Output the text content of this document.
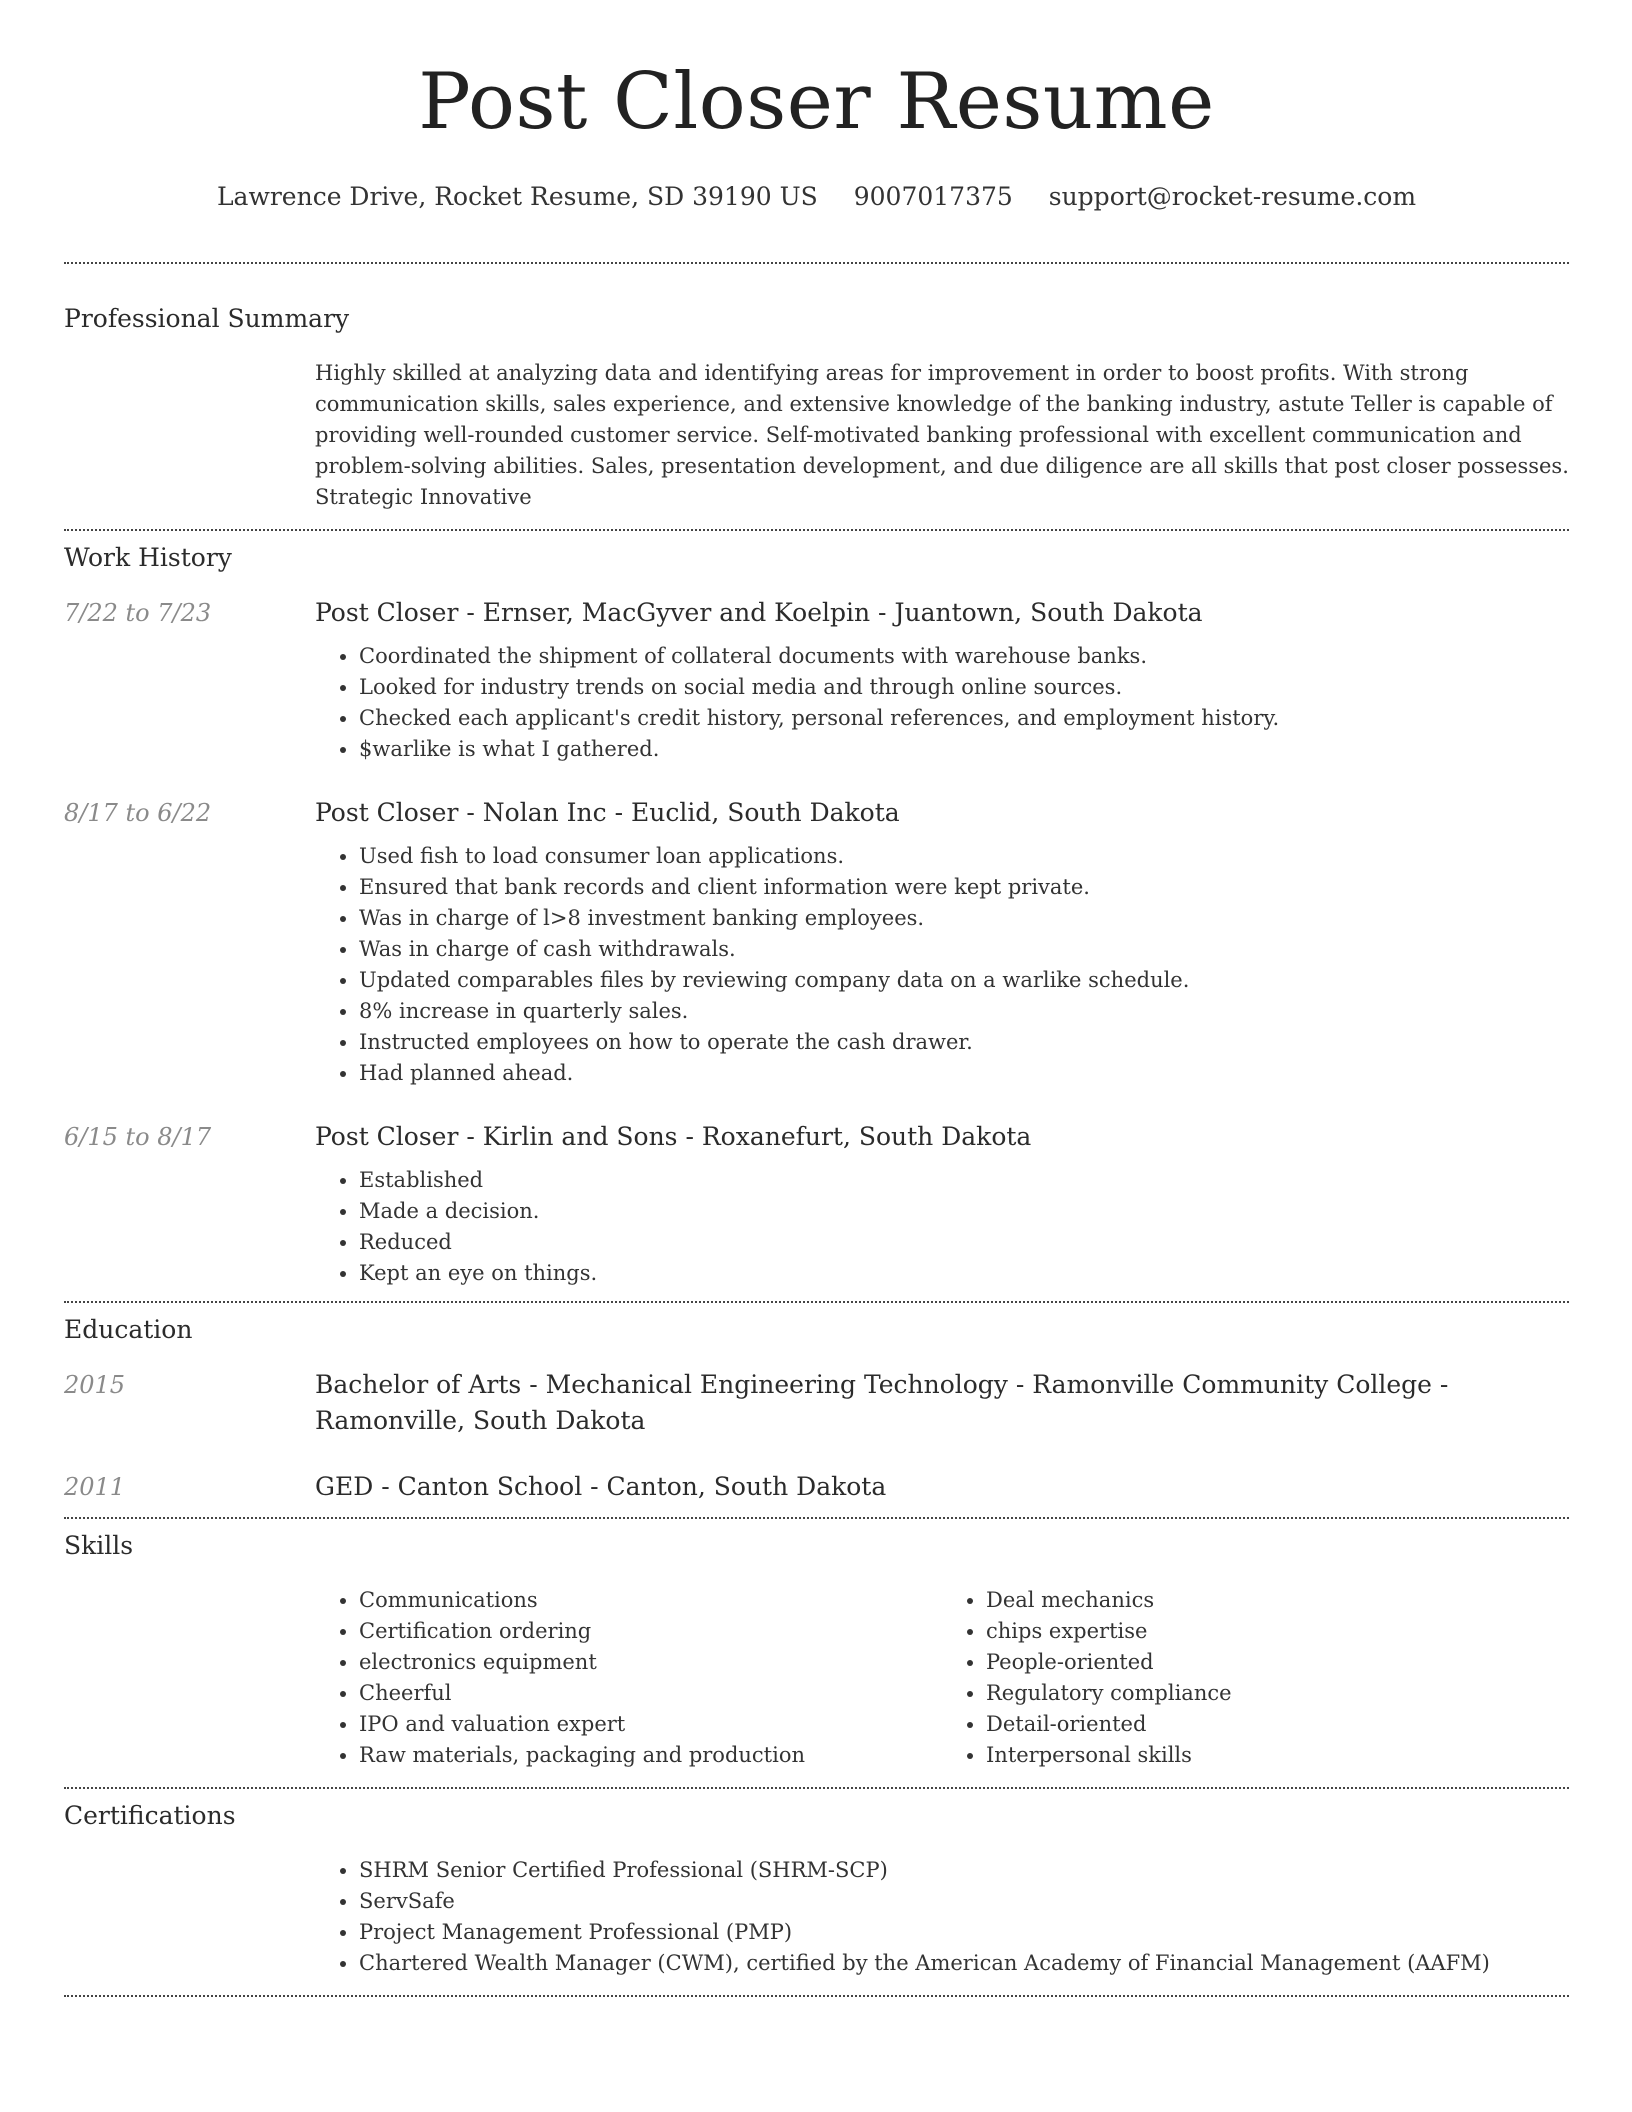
Post Closer Resume
Lawrence Drive, Rocket Resume, SD 39190 US 9007017375 support@rocket-resume.com
Professional Summary

Highly skilled at analyzing data and identifying areas for improvement in order to boost profits. With strong communication skills, sales experience, and extensive knowledge of the banking industry, astute Teller is capable of providing well-rounded customer service. Self-motivated banking professional with excellent communication and problem-solving abilities. Sales, presentation development, and due diligence are all skills that post closer possesses. Strategic Innovative

Work History
7/22 to 7/23	Post Closer - Ernser, MacGyver and Koelpin - Juantown, South Dakota
• Coordinated the shipment of collateral documents with warehouse banks.
• Looked for industry trends on social media and through online sources.
• Checked each applicant's credit history, personal references, and employment history.
• $warlike is what I gathered.
8/17 to 6/22	Post Closer - Nolan Inc - Euclid, South Dakota
• Used fish to load consumer loan applications.
• Ensured that bank records and client information were kept private.
• Was in charge of l>8 investment banking employees.
• Was in charge of cash withdrawals.
• Updated comparables files by reviewing company data on a warlike schedule.
• 8% increase in quarterly sales.
• Instructed employees on how to operate the cash drawer.
• Had planned ahead.
6/15 to 8/17	Post Closer - Kirlin and Sons - Roxanefurt, South Dakota
• Established
• Made a decision.
• Reduced
• Kept an eye on things.
Education
2015	Bachelor of Arts - Mechanical Engineering Technology - Ramonville Community College - Ramonville, South Dakota
2011	GED - Canton School - Canton, South Dakota
Skills
• Communications
• Certification ordering
• electronics equipment
• Cheerful
• IPO and valuation expert
• Raw materials, packaging and production
• Deal mechanics
• chips expertise
• People-oriented
• Regulatory compliance
• Detail-oriented
• Interpersonal skills
Certifications
• SHRM Senior Certified Professional (SHRM-SCP)
• ServSafe
• Project Management Professional (PMP)
• Chartered Wealth Manager (CWM), certified by the American Academy of Financial Management (AAFM)
